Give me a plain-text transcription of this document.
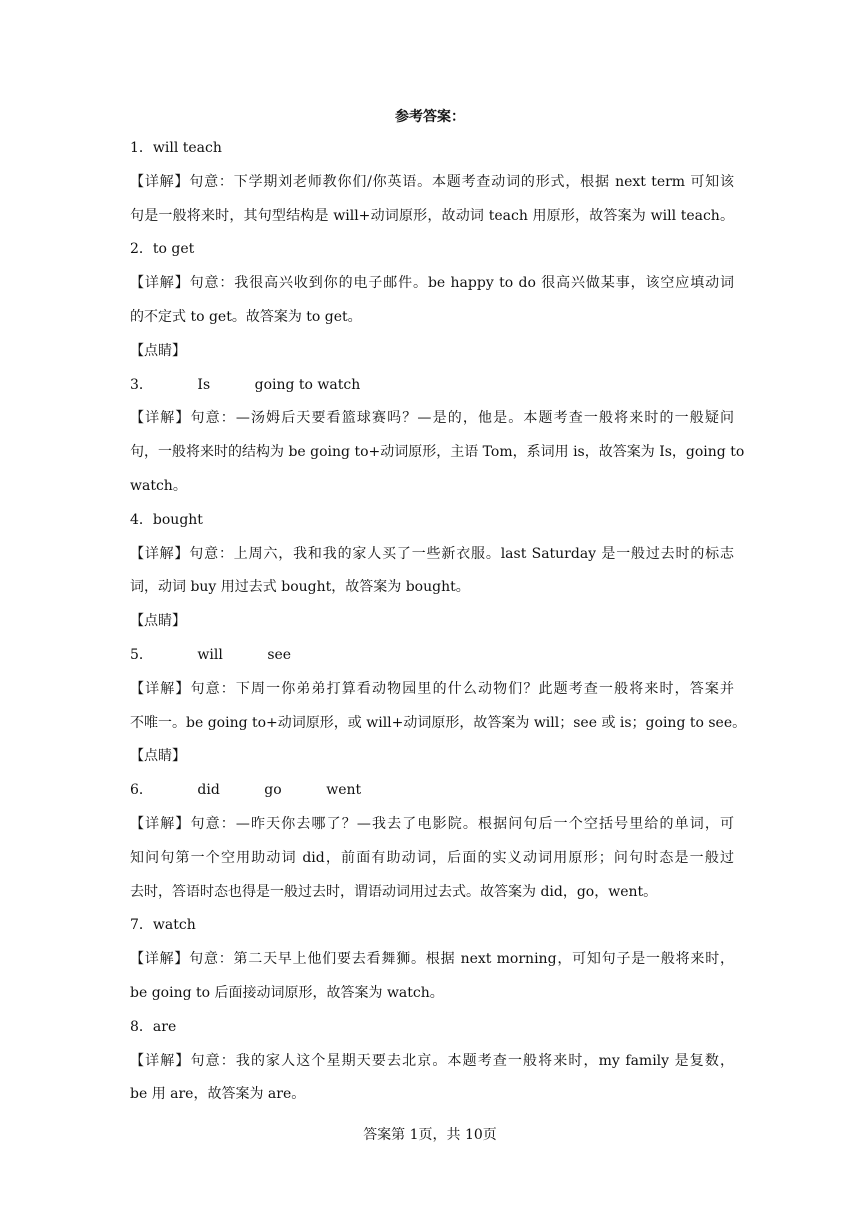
参考答案：
1．will teach
【详解】句意：下学期刘老师教你们/你英语。本题考查动词的形式，根据 next term 可知该
句是一般将来时，其句型结构是 will+动词原形，故动词 teach 用原形，故答案为 will teach。
2．to get
【详解】句意：我很高兴收到你的电子邮件。be happy to do 很高兴做某事，该空应填动词
的不定式 to get。故答案为 to get。
【点睛】
3．          Is          going to watch
【详解】句意：—汤姆后天要看篮球赛吗？—是的，他是。本题考查一般将来时的一般疑问
句，一般将来时的结构为 be going to+动词原形，主语 Tom，系词用 is，故答案为 Is，going to
watch。
4．bought
【详解】句意：上周六，我和我的家人买了一些新衣服。last Saturday 是一般过去时的标志
词，动词 buy 用过去式 bought，故答案为 bought。
【点睛】
5．          will          see
【详解】句意：下周一你弟弟打算看动物园里的什么动物们？此题考查一般将来时，答案并
不唯一。be going to+动词原形，或 will+动词原形，故答案为 will；see 或 is；going to see。
【点睛】
6．          did          go          went
【详解】句意：—昨天你去哪了？—我去了电影院。根据问句后一个空括号里给的单词，可
知问句第一个空用助动词 did，前面有助动词，后面的实义动词用原形；问句时态是一般过
去时，答语时态也得是一般过去时，谓语动词用过去式。故答案为 did，go，went。
7．watch
【详解】句意：第二天早上他们要去看舞狮。根据 next morning，可知句子是一般将来时，
be going to 后面接动词原形，故答案为 watch。
8．are
【详解】句意：我的家人这个星期天要去北京。本题考查一般将来时，my family 是复数，
be 用 are，故答案为 are。
答案第 1页，共 10页
